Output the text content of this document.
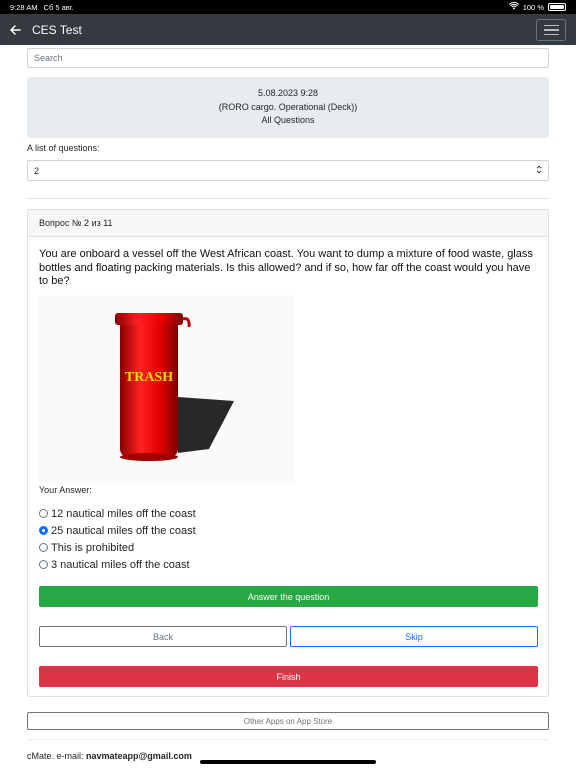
9:28 AM Сб 5 авг.	100 %
CES Test
Search
5.08.2023 9:28
(RORO cargo. Operational (Deck))
All Questions
A list of questions:
2
Вопрос № 2 из 11
You are onboard a vessel off the West African coast. You want to dump a mixture of food waste, glass bottles and floating packing materials. Is this allowed? and if so, how far off the coast would you have to be?
TRASH
Your Answer:
12 nautical miles off the coast
25 nautical miles off the coast
This is prohibited
3 nautical miles off the coast
Answer the question
Back	Skip
Finish
Other Apps on App Store
cMate. e-mail: navmateapp@gmail.com
